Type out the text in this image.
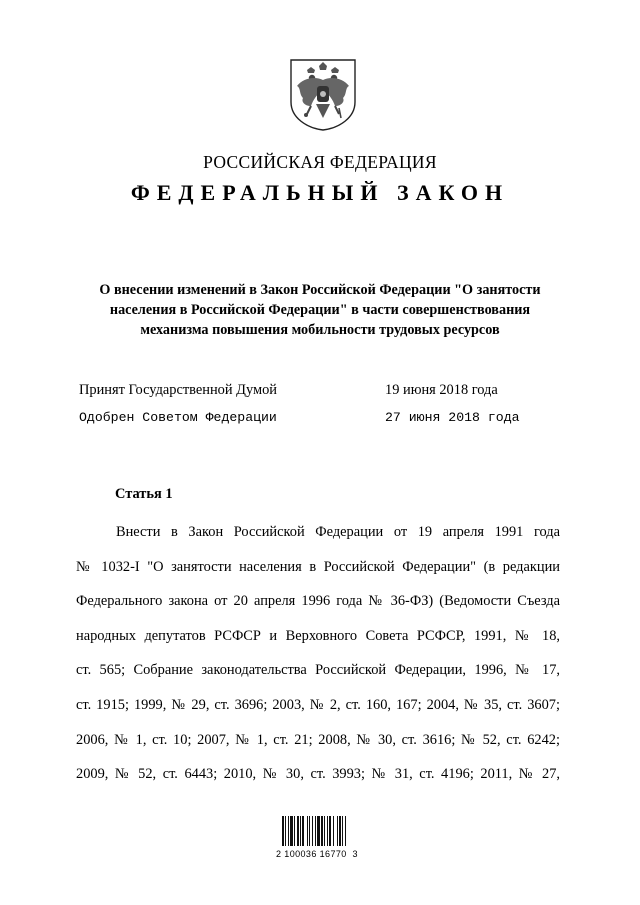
РОССИЙСКАЯ ФЕДЕРАЦИЯ
ФЕДЕРАЛЬНЫЙ ЗАКОН
О внесении изменений в Закон Российской Федерации "О занятости населения в Российской Федерации" в части совершенствования механизма повышения мобильности трудовых ресурсов
Принят Государственной Думой	19 июня 2018 года
Одобрен Советом Федерации	27 июня 2018 года
Статья 1
Внести в Закон Российской Федерации от 19 апреля 1991 года
№ 1032-I "О занятости населения в Российской Федерации" (в редакции
Федерального закона от 20 апреля 1996 года № 36-ФЗ) (Ведомости Съезда
народных депутатов РСФСР и Верховного Совета РСФСР, 1991, № 18,
ст. 565; Собрание законодательства Российской Федерации, 1996, № 17,
ст. 1915; 1999, № 29, ст. 3696; 2003, № 2, ст. 160, 167; 2004, № 35, ст. 3607;
2006, № 1, ст. 10; 2007, № 1, ст. 21; 2008, № 30, ст. 3616; № 52, ст. 6242;
2009, № 52, ст. 6443; 2010, № 30, ст. 3993; № 31, ст. 4196; 2011, № 27,
2 100036 16770  3
